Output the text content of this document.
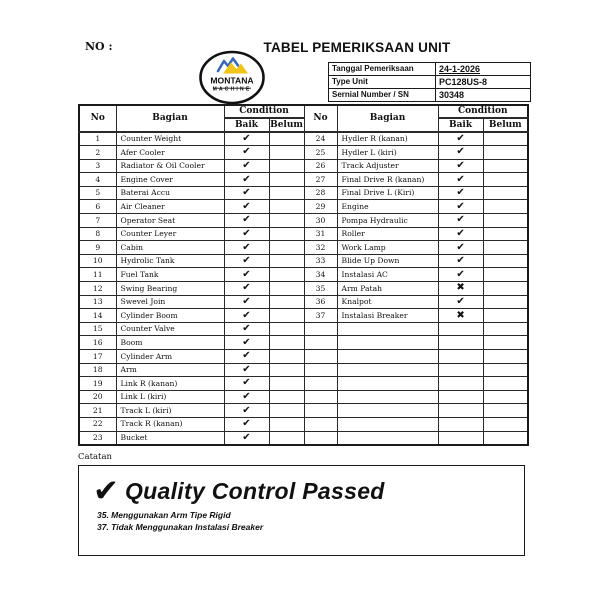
NO :	TABEL PEMERIKSAAN UNIT
MONTANA
MACHINE
Tanggal Pemeriksaan	24-1-2026
Type Unit	PC128US-8
Sernial Number / SN	30348
No	Bagian	Condition		No	Bagian	Condition	
		Baik	Belum			Baik	Belum
1	Counter Weight	✔		24	Hydler R (kanan)	✔	
2	Afer Cooler	✔		25	Hydler L (kiri)	✔	
3	Radiator & Oil Cooler	✔		26	Track Adjuster	✔	
4	Engine Cover	✔		27	Final Drive R (kanan)	✔	
5	Baterai Accu	✔		28	Final Drive L (Kiri)	✔	
6	Air Cleaner	✔		29	Engine	✔	
7	Operator Seat	✔		30	Pompa Hydraulic	✔	
8	Counter Leyer	✔		31	Roller	✔	
9	Cabin	✔		32	Work Lamp	✔	
10	Hydrolic Tank	✔		33	Blide Up Down	✔	
11	Fuel Tank	✔		34	Instalasi AC	✔	
12	Swing Bearing	✔		35	Arm Patah	✖	
13	Swevel Join	✔		36	Knalpot	✔	
14	Cylinder Boom	✔		37	Instalasi Breaker	✖	
15	Counter Valve	✔					
16	Boom	✔					
17	Cylinder Arm	✔					
18	Arm	✔					
19	Link R (kanan)	✔					
20	Link L (kiri)	✔					
21	Track L (kiri)	✔					
22	Track R (kanan)	✔					
23	Bucket	✔					
Catatan
✔ Quality Control Passed
35. Menggunakan Arm Tipe Rigid
37. Tidak Menggunakan Instalasi Breaker
